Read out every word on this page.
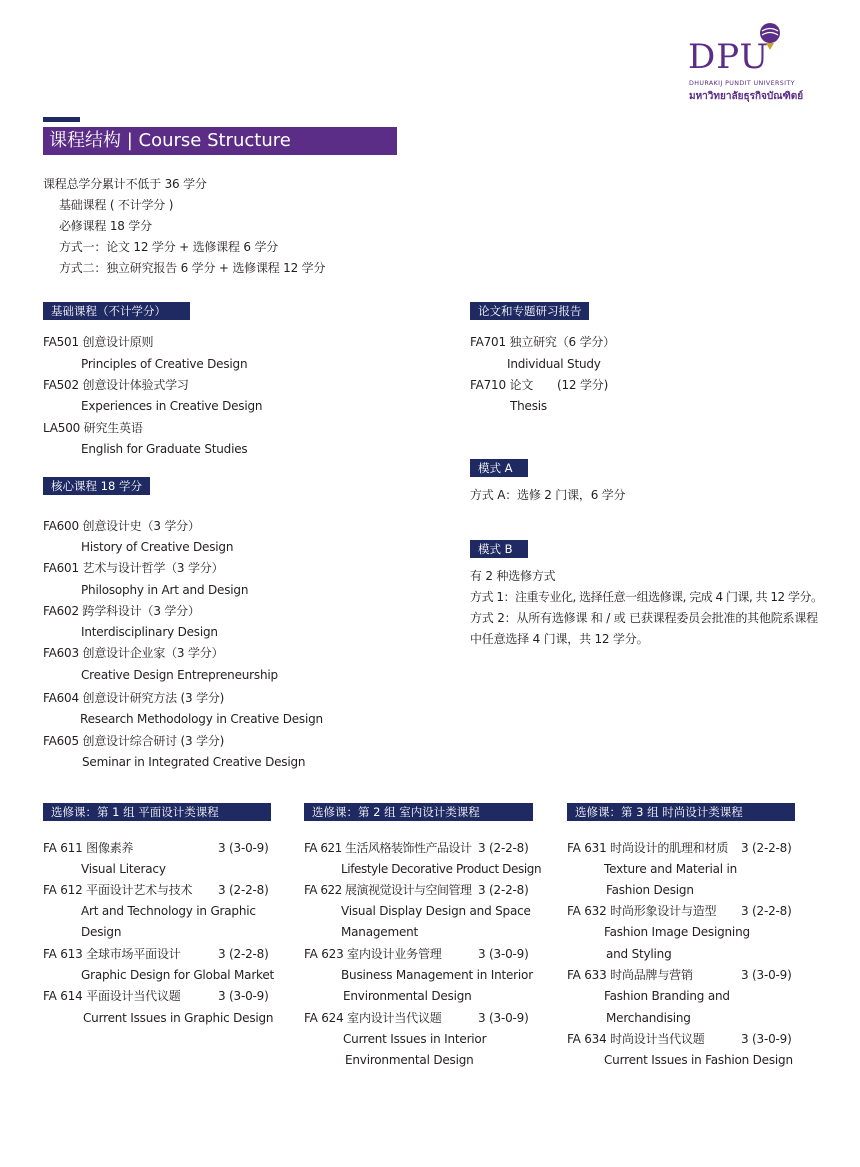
DPU
DHURAKIJ PUNDIT UNIVERSITY
มหาวิทยาลัยธุรกิจบัณฑิตย์
课程结构 | Course Structure
课程总学分累计不低于 36 学分
基础课程 ( 不计学分 )
必修课程 18 学分
方式一：论文 12 学分 + 选修课程 6 学分
方式二：独立研究报告 6 学分 + 选修课程 12 学分
基础课程（不计学分）
FA501 创意设计原则
Principles of Creative Design
FA502 创意设计体验式学习
Experiences in Creative Design
LA500 研究生英语
English for Graduate Studies
核心课程 18 学分
FA600 创意设计史（3 学分）
History of Creative Design
FA601 艺术与设计哲学（3 学分）
Philosophy in Art and Design
FA602 跨学科设计（3 学分）
Interdisciplinary Design
FA603 创意设计企业家（3 学分）
Creative Design Entrepreneurship
FA604 创意设计研究方法 (3 学分)
Research Methodology in Creative Design
FA605 创意设计综合研讨 (3 学分)
Seminar in Integrated Creative Design
论文和专题研习报告
FA701 独立研究（6 学分）
Individual Study
FA710 论文 (12 学分)
Thesis
模式 A
方式 A：选修 2 门课，6 学分
模式 B
有 2 种选修方式
方式 1：注重专业化, 选择任意一组选修课, 完成 4 门课, 共 12 学分。
方式 2：从所有选修课 和 / 或 已获课程委员会批准的其他院系课程
中任意选择 4 门课，共 12 学分。
选修课：第 1 组 平面设计类课程
FA 611 图像素养	3 (3-0-9)
Visual Literacy
FA 612 平面设计艺术与技术 3 (2-2-8)
Art and Technology in Graphic
Design
FA 613 全球市场平面设计	3 (2-2-8)
Graphic Design for Global Market
FA 614 平面设计当代议题	3 (3-0-9)
Current Issues in Graphic Design
选修课：第 2 组 室内设计类课程
FA 621 生活风格装饰性产品设计 3 (2-2-8)
Lifestyle Decorative Product Design
FA 622 展演视觉设计与空间管理 3 (2-2-8)
Visual Display Design and Space
Management
FA 623 室内设计业务管理	3 (3-0-9)
Business Management in Interior
Environmental Design
FA 624 室内设计当代议题	3 (3-0-9)
Current Issues in Interior
Environmental Design
选修课：第 3 组 时尚设计类课程
FA 631 时尚设计的肌理和材质 3 (2-2-8)
Texture and Material in
Fashion Design
FA 632 时尚形象设计与造型 3 (2-2-8)
Fashion Image Designing
and Styling
FA 633 时尚品牌与营销	3 (3-0-9)
Fashion Branding and
Merchandising
FA 634 时尚设计当代议题	3 (3-0-9)
Current Issues in Fashion Design
